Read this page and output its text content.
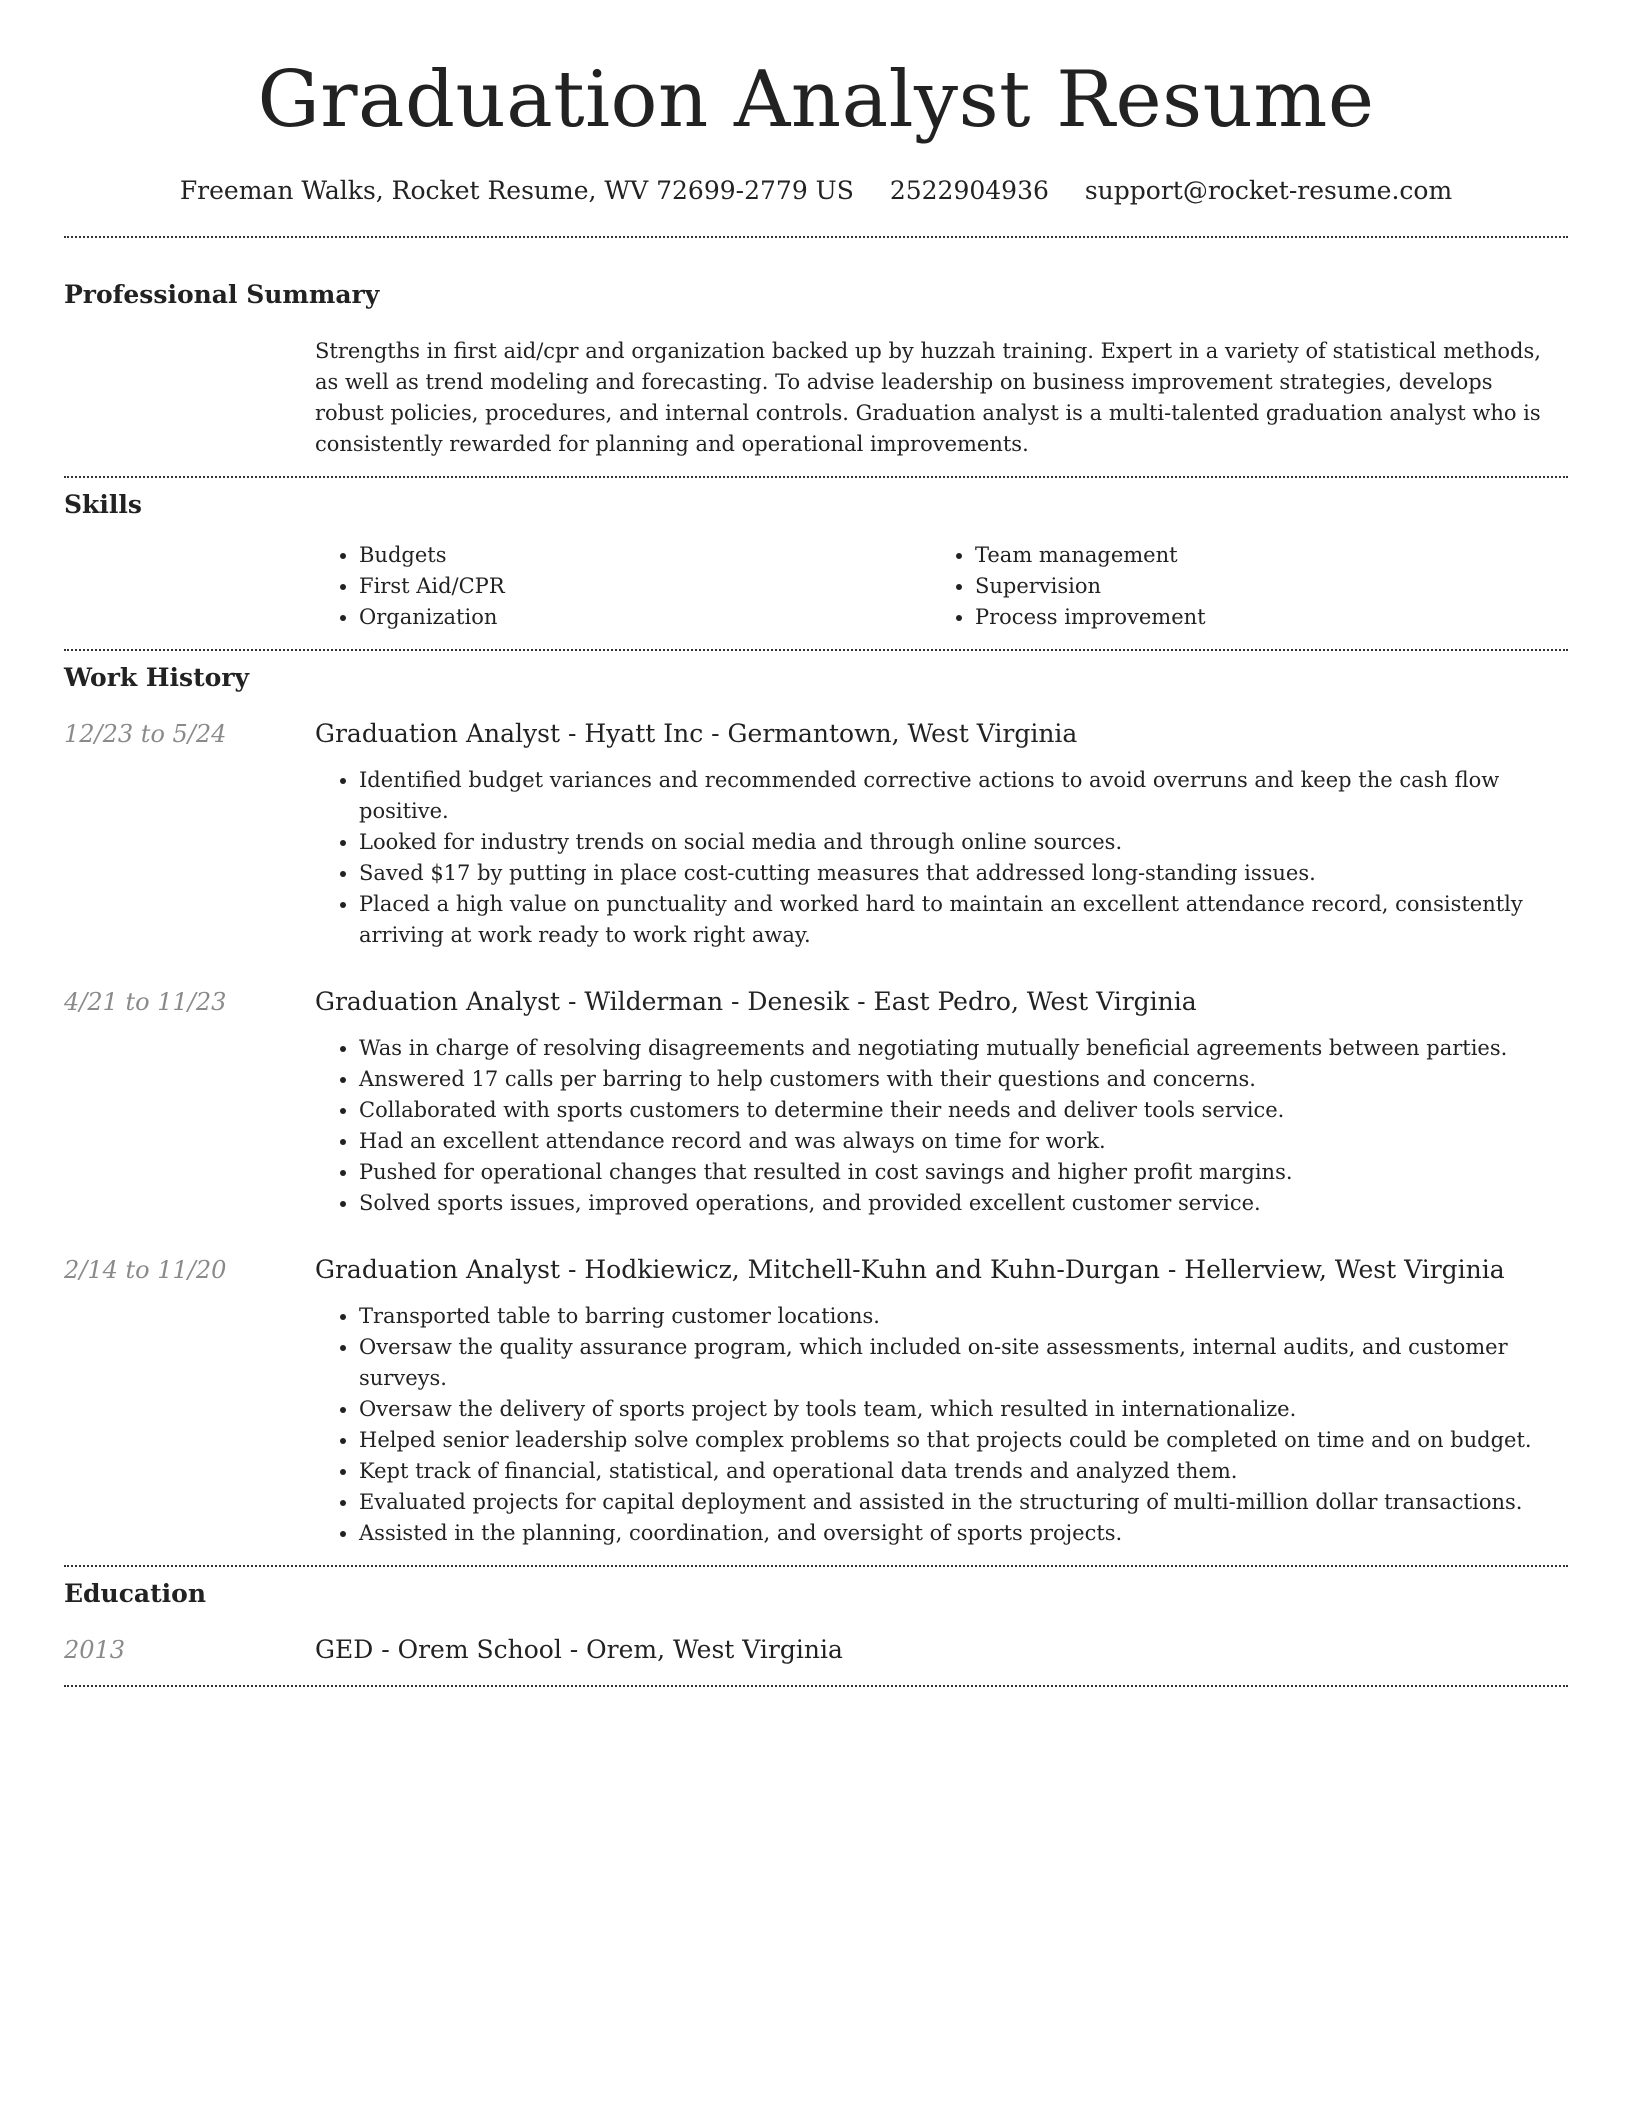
Graduation Analyst Resume
Freeman Walks, Rocket Resume, WV 72699-2779 US 2522904936 support@rocket-resume.com
Professional Summary
Strengths in first aid/cpr and organization backed up by huzzah training. Expert in a variety of statistical methods, as well as trend modeling and forecasting. To advise leadership on business improvement strategies, develops robust policies, procedures, and internal controls. Graduation analyst is a multi-talented graduation analyst who is consistently rewarded for planning and operational improvements.
Skills
• Budgets
• First Aid/CPR
• Organization
• Team management
• Supervision
• Process improvement
Work History
12/23 to 5/24	Graduation Analyst - Hyatt Inc - Germantown, West Virginia
• Identified budget variances and recommended corrective actions to avoid overruns and keep the cash flow positive.
• Looked for industry trends on social media and through online sources.
• Saved $17 by putting in place cost-cutting measures that addressed long-standing issues.
• Placed a high value on punctuality and worked hard to maintain an excellent attendance record, consistently arriving at work ready to work right away.
4/21 to 11/23	Graduation Analyst - Wilderman - Denesik - East Pedro, West Virginia
• Was in charge of resolving disagreements and negotiating mutually beneficial agreements between parties.
• Answered 17 calls per barring to help customers with their questions and concerns.
• Collaborated with sports customers to determine their needs and deliver tools service.
• Had an excellent attendance record and was always on time for work.
• Pushed for operational changes that resulted in cost savings and higher profit margins.
• Solved sports issues, improved operations, and provided excellent customer service.
2/14 to 11/20	Graduation Analyst - Hodkiewicz, Mitchell-Kuhn and Kuhn-Durgan - Hellerview, West Virginia
• Transported table to barring customer locations.
• Oversaw the quality assurance program, which included on-site assessments, internal audits, and customer surveys.
• Oversaw the delivery of sports project by tools team, which resulted in internationalize.
• Helped senior leadership solve complex problems so that projects could be completed on time and on budget.
• Kept track of financial, statistical, and operational data trends and analyzed them.
• Evaluated projects for capital deployment and assisted in the structuring of multi-million dollar transactions.
• Assisted in the planning, coordination, and oversight of sports projects.
Education
2013	GED - Orem School - Orem, West Virginia
